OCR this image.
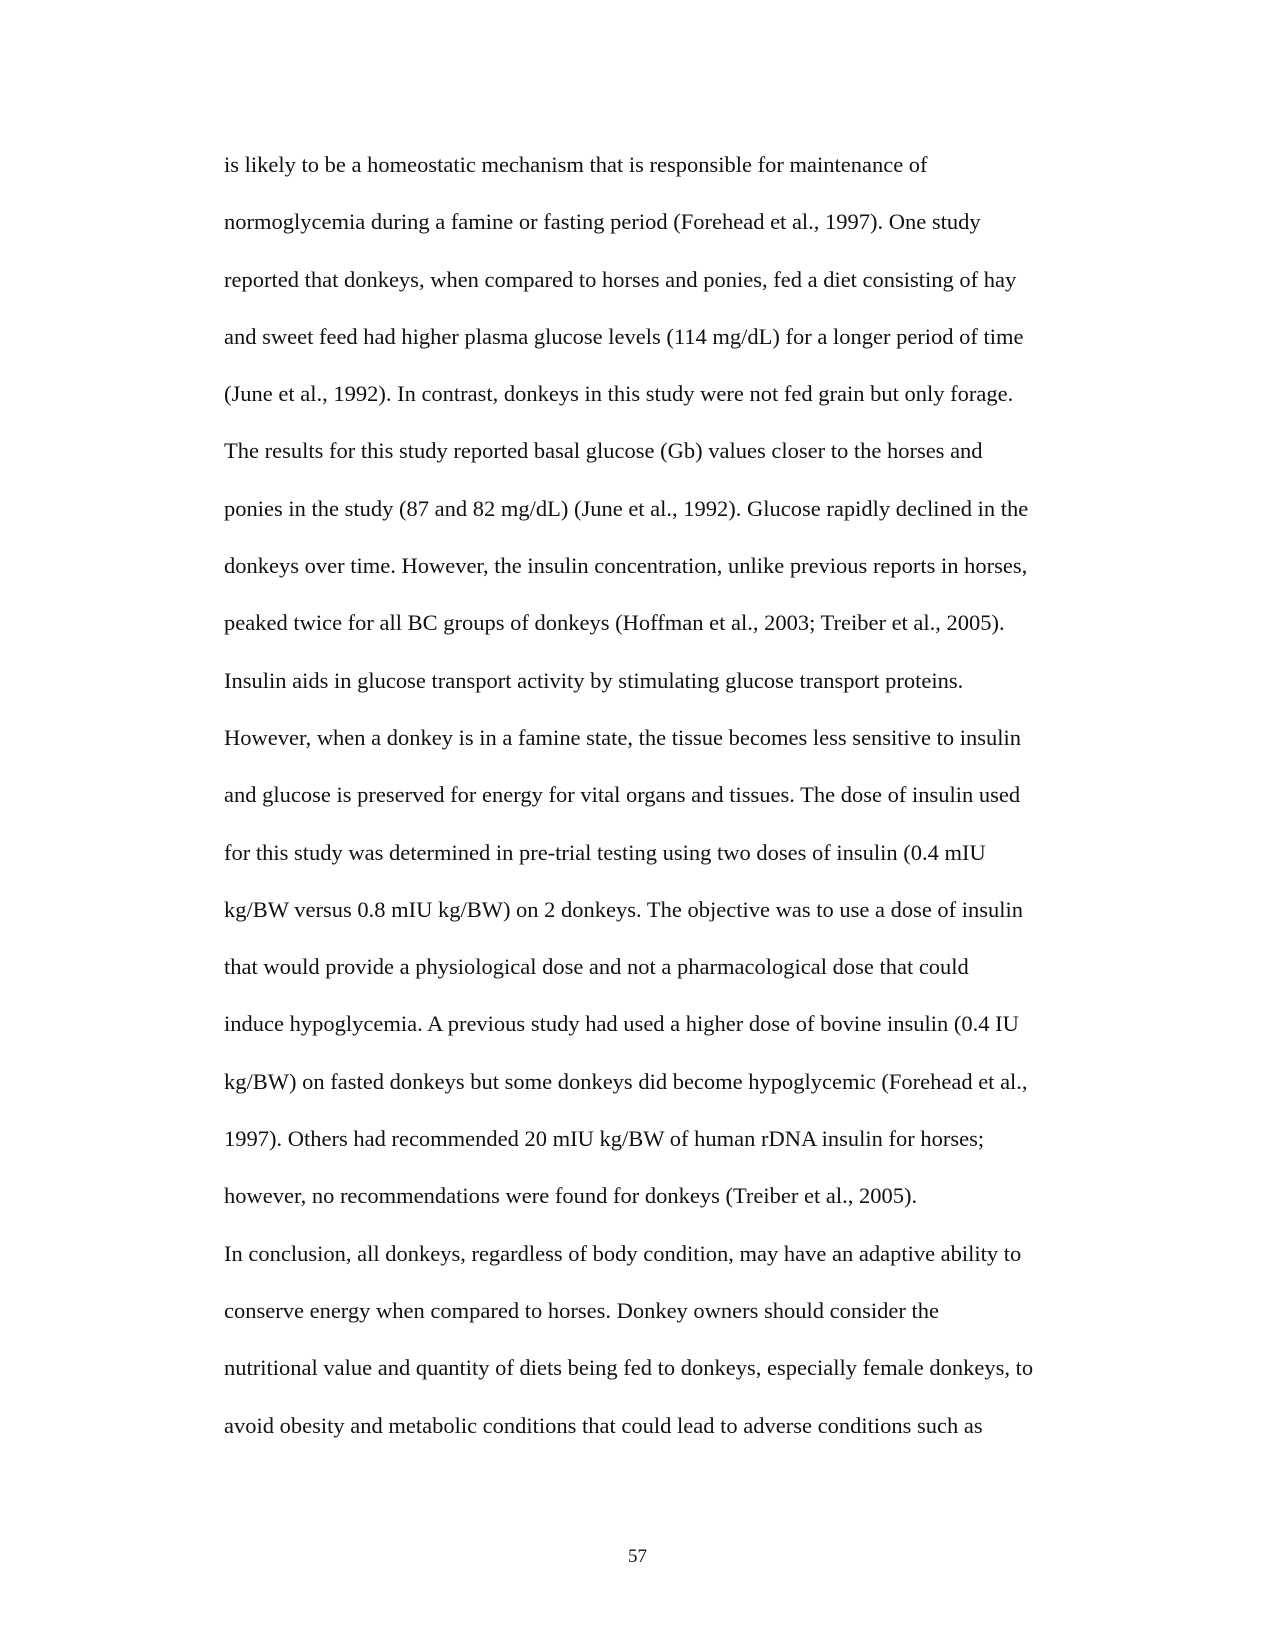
is likely to be a homeostatic mechanism that is responsible for maintenance of
normoglycemia during a famine or fasting period (Forehead et al., 1997). One study
reported that donkeys, when compared to horses and ponies, fed a diet consisting of hay
and sweet feed had higher plasma glucose levels (114 mg/dL) for a longer period of time
(June et al., 1992). In contrast, donkeys in this study were not fed grain but only forage.
The results for this study reported basal glucose (Gb) values closer to the horses and
ponies in the study (87 and 82 mg/dL) (June et al., 1992). Glucose rapidly declined in the
donkeys over time. However, the insulin concentration, unlike previous reports in horses,
peaked twice for all BC groups of donkeys (Hoffman et al., 2003; Treiber et al., 2005).
Insulin aids in glucose transport activity by stimulating glucose transport proteins.
However, when a donkey is in a famine state, the tissue becomes less sensitive to insulin
and glucose is preserved for energy for vital organs and tissues. The dose of insulin used
for this study was determined in pre-trial testing using two doses of insulin (0.4 mIU
kg/BW versus 0.8 mIU kg/BW) on 2 donkeys. The objective was to use a dose of insulin
that would provide a physiological dose and not a pharmacological dose that could
induce hypoglycemia. A previous study had used a higher dose of bovine insulin (0.4 IU
kg/BW) on fasted donkeys but some donkeys did become hypoglycemic (Forehead et al.,
1997). Others had recommended 20 mIU kg/BW of human rDNA insulin for horses;
however, no recommendations were found for donkeys (Treiber et al., 2005).
In conclusion, all donkeys, regardless of body condition, may have an adaptive ability to
conserve energy when compared to horses. Donkey owners should consider the
nutritional value and quantity of diets being fed to donkeys, especially female donkeys, to
avoid obesity and metabolic conditions that could lead to adverse conditions such as
57
